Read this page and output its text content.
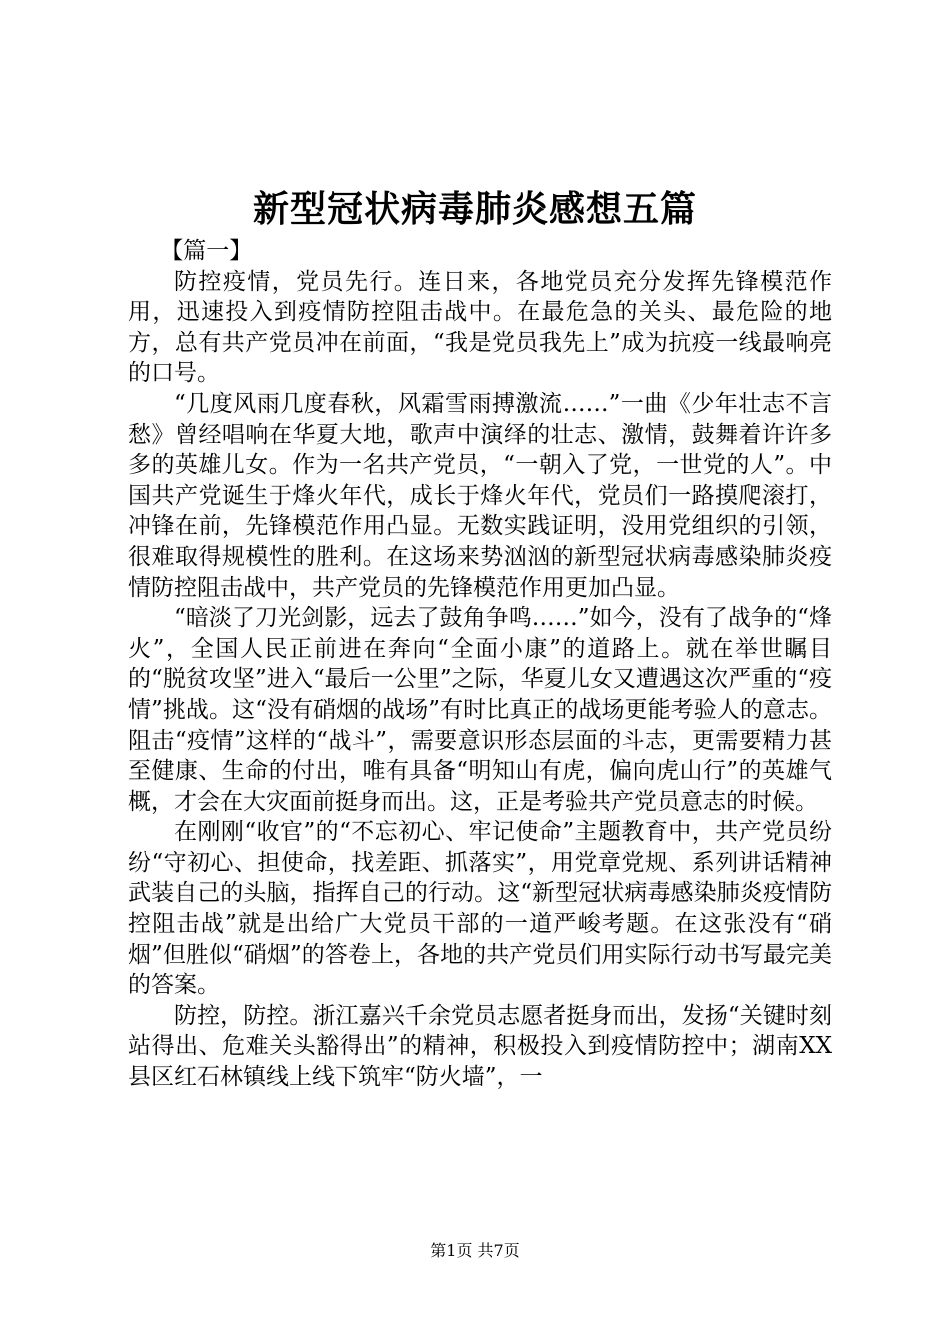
新型冠状病毒肺炎感想五篇

【篇一】

防控疫情，党员先行。连日来，各地党员充分发挥先锋模范作用，迅速投入到疫情防控阻击战中。在最危急的关头、最危险的地方，总有共产党员冲在前面，“我是党员我先上”成为抗疫一线最响亮的口号。

“几度风雨几度春秋，风霜雪雨搏激流……”一曲《少年壮志不言愁》曾经唱响在华夏大地，歌声中演绎的壮志、激情，鼓舞着许许多多的英雄儿女。作为一名共产党员，“一朝入了党，一世党的人”。中国共产党诞生于烽火年代，成长于烽火年代，党员们一路摸爬滚打，冲锋在前，先锋模范作用凸显。无数实践证明，没用党组织的引领，很难取得规模性的胜利。在这场来势汹汹的新型冠状病毒感染肺炎疫情防控阻击战中，共产党员的先锋模范作用更加凸显。

“暗淡了刀光剑影，远去了鼓角争鸣……”如今，没有了战争的“烽火”，全国人民正前进在奔向“全面小康”的道路上。就在举世瞩目的“脱贫攻坚”进入“最后一公里”之际，华夏儿女又遭遇这次严重的“疫情”挑战。这“没有硝烟的战场”有时比真正的战场更能考验人的意志。阻击“疫情”这样的“战斗”，需要意识形态层面的斗志，更需要精力甚至健康、生命的付出，唯有具备“明知山有虎，偏向虎山行”的英雄气概，才会在大灾面前挺身而出。这，正是考验共产党员意志的时候。

在刚刚“收官”的“不忘初心、牢记使命”主题教育中，共产党员纷纷“守初心、担使命，找差距、抓落实”，用党章党规、系列讲话精神武装自己的头脑，指挥自己的行动。这“新型冠状病毒感染肺炎疫情防控阻击战”就是出给广大党员干部的一道严峻考题。在这张没有“硝烟”但胜似“硝烟”的答卷上，各地的共产党员们用实际行动书写最完美的答案。

防控，防控。浙江嘉兴千余党员志愿者挺身而出，发扬“关键时刻站得出、危难关头豁得出”的精神，积极投入到疫情防控中；湖南XX县区红石林镇线上线下筑牢“防火墙”，一

第1页 共7页
